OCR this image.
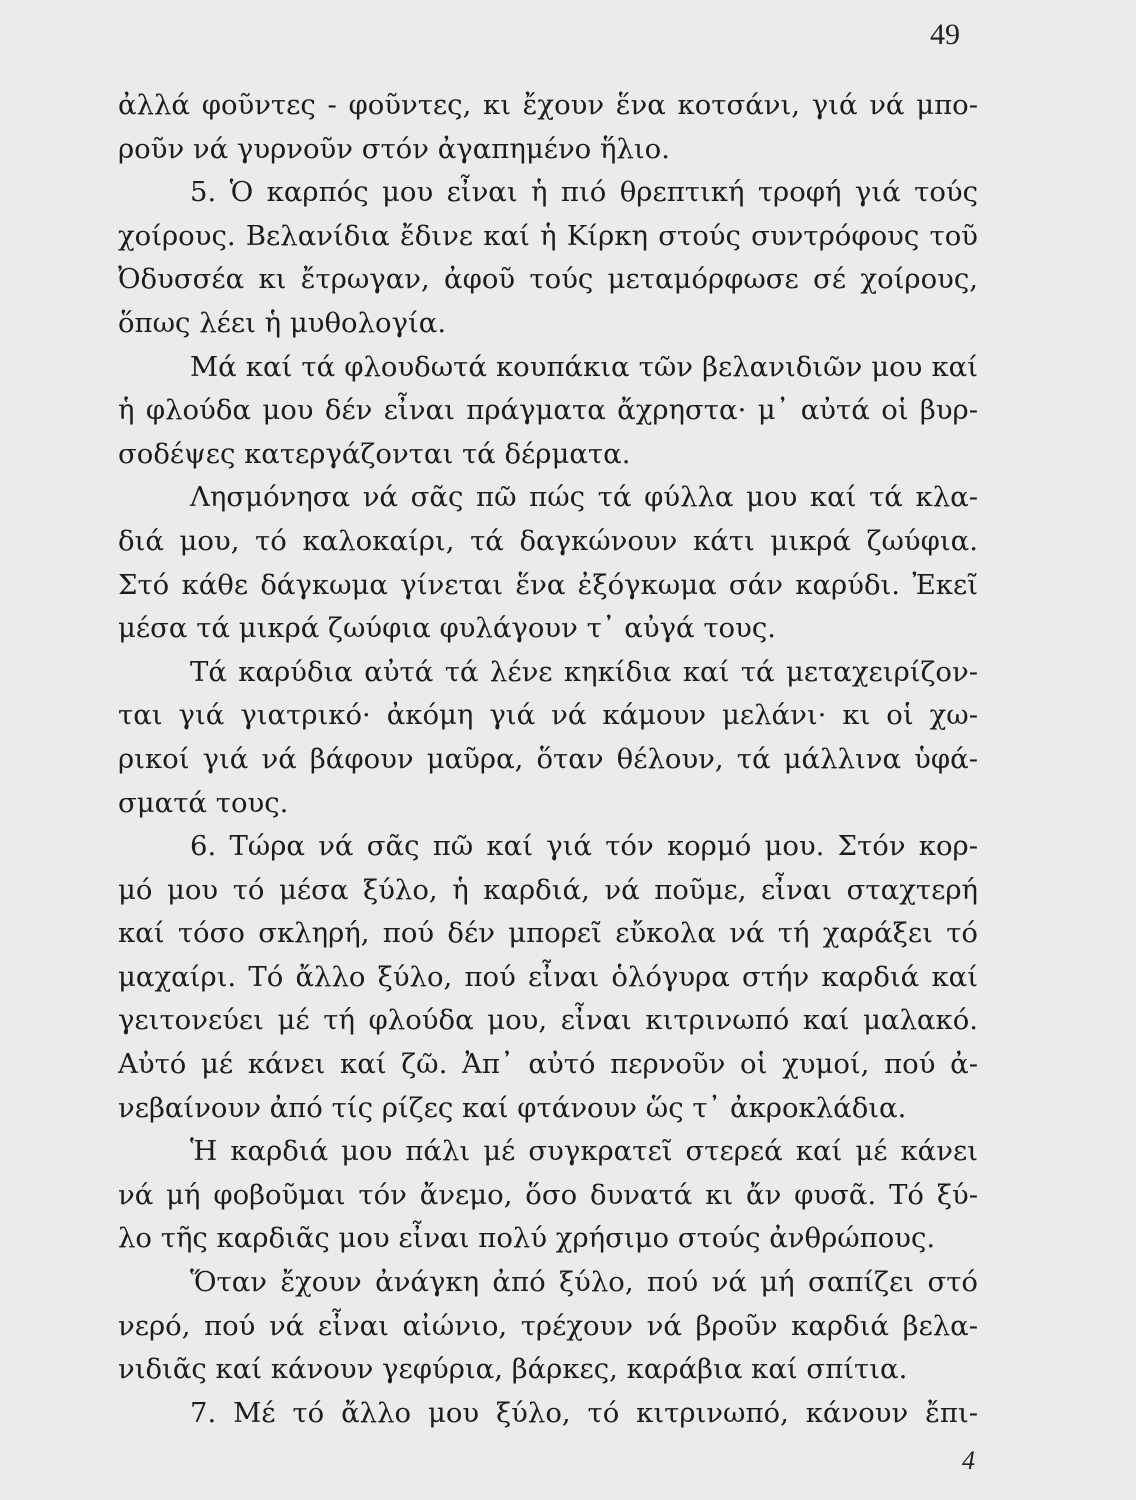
49
ἀλλά φοῦντες - φοῦντες, κι ἔχουν ἕνα κοτσάνι, γιά νά μπο-
ροῦν νά γυρνοῦν στόν ἀγαπημένο ἥλιο.
5. Ὁ καρπός μου εἶναι ἡ πιό θρεπτική τροφή γιά τούς
χοίρους. Βελανίδια ἔδινε καί ἡ Κίρκη στούς συντρόφους τοῦ
Ὀδυσσέα κι ἔτρωγαν, ἀφοῦ τούς μεταμόρφωσε σέ χοίρους,
ὅπως λέει ἡ μυθολογία.
Μά καί τά φλουδωτά κουπάκια τῶν βελανιδιῶν μου καί
ἡ φλούδα μου δέν εἶναι πράγματα ἄχρηστα· μ᾽ αὐτά οἱ βυρ-
σοδέψες κατεργάζονται τά δέρματα.
Λησμόνησα νά σᾶς πῶ πώς τά φύλλα μου καί τά κλα-
διά μου, τό καλοκαίρι, τά δαγκώνουν κάτι μικρά ζωύφια.
Στό κάθε δάγκωμα γίνεται ἕνα ἐξόγκωμα σάν καρύδι. Ἐκεῖ
μέσα τά μικρά ζωύφια φυλάγουν τ᾽ αὐγά τους.
Τά καρύδια αὐτά τά λένε κηκίδια καί τά μεταχειρίζον-
ται γιά γιατρικό· ἀκόμη γιά νά κάμουν μελάνι· κι οἱ χω-
ρικοί γιά νά βάφουν μαῦρα, ὅταν θέλουν, τά μάλλινα ὑφά-
σματά τους.
6. Τώρα νά σᾶς πῶ καί γιά τόν κορμό μου. Στόν κορ-
μό μου τό μέσα ξύλο, ἡ καρδιά, νά ποῦμε, εἶναι σταχτερή
καί τόσο σκληρή, πού δέν μπορεῖ εὔκολα νά τή χαράξει τό
μαχαίρι. Τό ἄλλο ξύλο, πού εἶναι ὁλόγυρα στήν καρδιά καί
γειτονεύει μέ τή φλούδα μου, εἶναι κιτρινωπό καί μαλακό.
Αὐτό μέ κάνει καί ζῶ. Ἀπ᾽ αὐτό περνοῦν οἱ χυμοί, πού ἀ-
νεβαίνουν ἀπό τίς ρίζες καί φτάνουν ὥς τ᾽ ἀκροκλάδια.
Ἡ καρδιά μου πάλι μέ συγκρατεῖ στερεά καί μέ κάνει
νά μή φοβοῦμαι τόν ἄνεμο, ὅσο δυνατά κι ἄν φυσᾶ. Τό ξύ-
λο τῆς καρδιᾶς μου εἶναι πολύ χρήσιμο στούς ἀνθρώπους.
Ὅταν ἔχουν ἀνάγκη ἀπό ξύλο, πού νά μή σαπίζει στό
νερό, πού νά εἶναι αἰώνιο, τρέχουν νά βροῦν καρδιά βελα-
νιδιᾶς καί κάνουν γεφύρια, βάρκες, καράβια καί σπίτια.
7. Μέ τό ἄλλο μου ξύλο, τό κιτρινωπό, κάνουν ἔπι-
4
